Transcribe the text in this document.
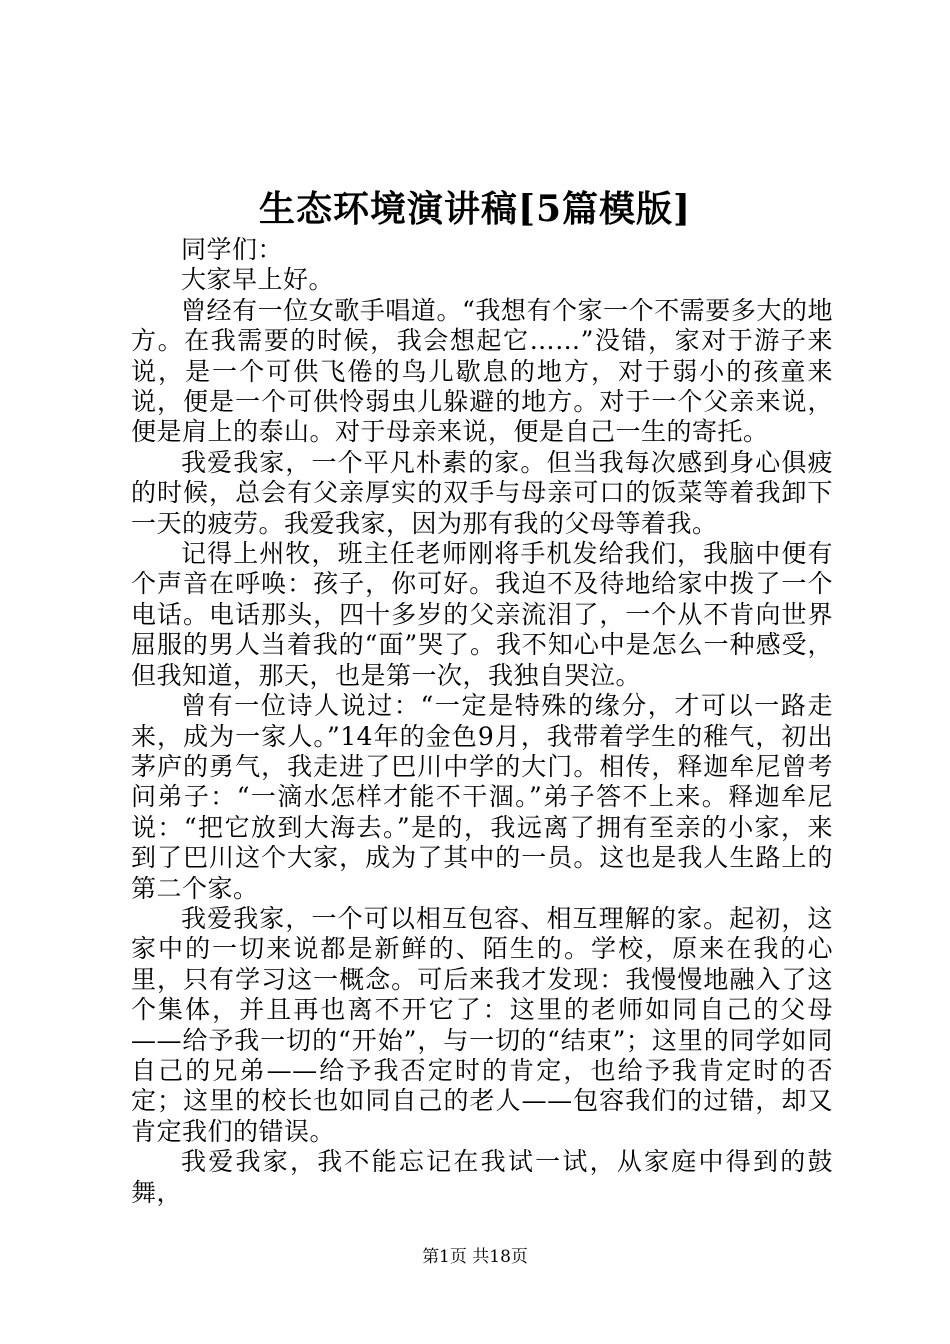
生态环境演讲稿[5篇模版]

同学们：

大家早上好。

曾经有一位女歌手唱道。“我想有个家一个不需要多大的地方。在我需要的时候，我会想起它……”没错，家对于游子来说，是一个可供飞倦的鸟儿歇息的地方，对于弱小的孩童来说，便是一个可供怜弱虫儿躲避的地方。对于一个父亲来说，便是肩上的泰山。对于母亲来说，便是自己一生的寄托。

我爱我家，一个平凡朴素的家。但当我每次感到身心俱疲的时候，总会有父亲厚实的双手与母亲可口的饭菜等着我卸下一天的疲劳。我爱我家，因为那有我的父母等着我。

记得上州牧，班主任老师刚将手机发给我们，我脑中便有个声音在呼唤：孩子，你可好。我迫不及待地给家中拨了一个电话。电话那头，四十多岁的父亲流泪了，一个从不肯向世界屈服的男人当着我的“面”哭了。我不知心中是怎么一种感受，但我知道，那天，也是第一次，我独自哭泣。

曾有一位诗人说过：“一定是特殊的缘分，才可以一路走来，成为一家人。”14年的金色9月，我带着学生的稚气，初出茅庐的勇气，我走进了巴川中学的大门。相传，释迦牟尼曾考问弟子：“一滴水怎样才能不干涸。”弟子答不上来。释迦牟尼说：“把它放到大海去。”是的，我远离了拥有至亲的小家，来到了巴川这个大家，成为了其中的一员。这也是我人生路上的第二个家。

我爱我家，一个可以相互包容、相互理解的家。起初，这家中的一切来说都是新鲜的、陌生的。学校，原来在我的心里，只有学习这一概念。可后来我才发现：我慢慢地融入了这个集体，并且再也离不开它了：这里的老师如同自己的父母——给予我一切的“开始”，与一切的“结束”；这里的同学如同自己的兄弟——给予我否定时的肯定，也给予我肯定时的否定；这里的校长也如同自己的老人——包容我们的过错，却又肯定我们的错误。

我爱我家，我不能忘记在我试一试，从家庭中得到的鼓舞，

第1页 共18页
